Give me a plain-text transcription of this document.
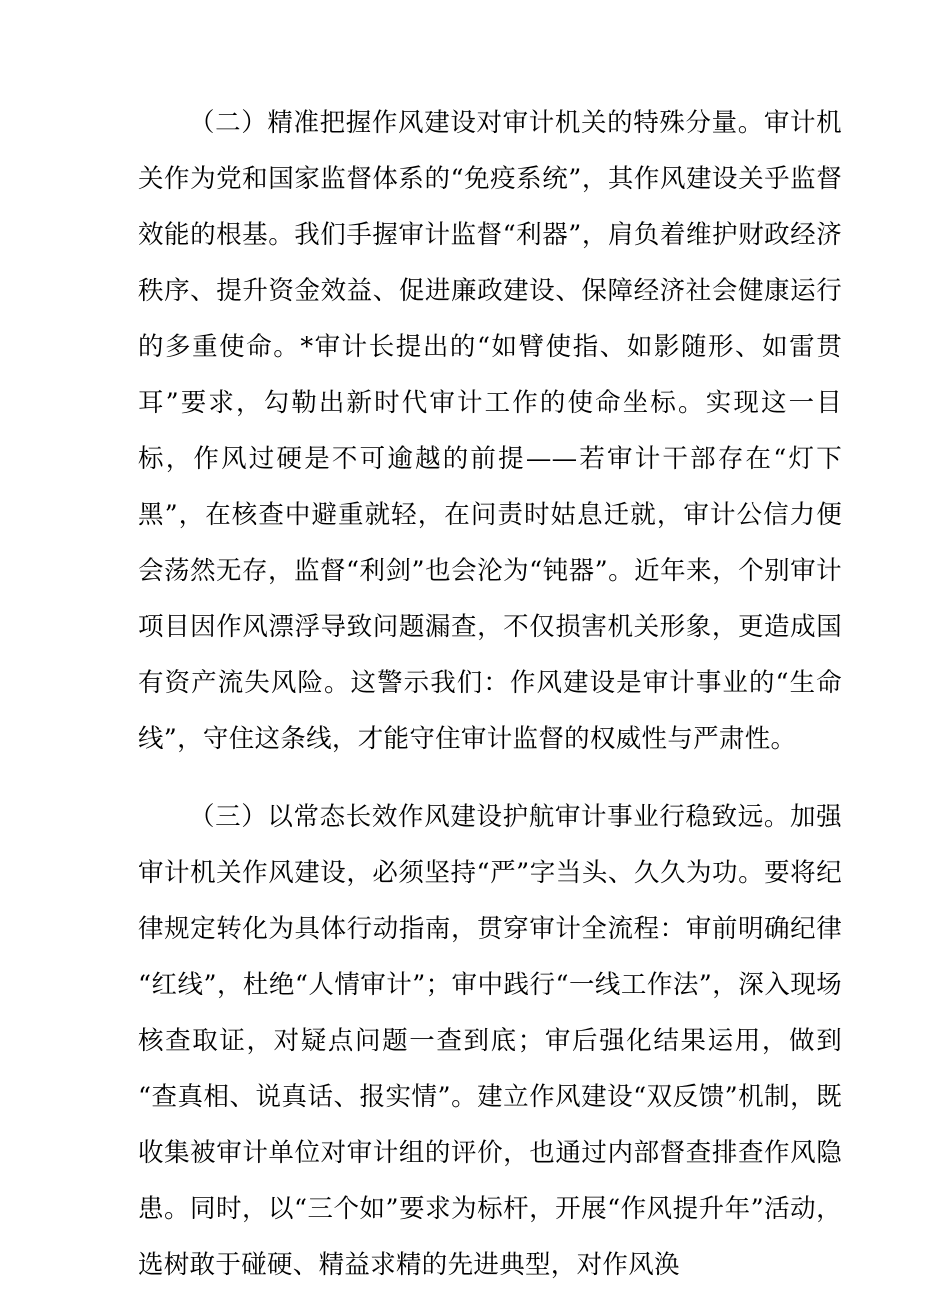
（二）精准把握作风建设对审计机关的特殊分量。审计机关作为党和国家监督体系的“免疫系统”，其作风建设关乎监督效能的根基。我们手握审计监督“利器”，肩负着维护财政经济秩序、提升资金效益、促进廉政建设、保障经济社会健康运行的多重使命。*审计长提出的“如臂使指、如影随形、如雷贯耳”要求，勾勒出新时代审计工作的使命坐标。实现这一目标，作风过硬是不可逾越的前提——若审计干部存在“灯下黑”，在核查中避重就轻，在问责时姑息迁就，审计公信力便会荡然无存，监督“利剑”也会沦为“钝器”。近年来，个别审计项目因作风漂浮导致问题漏查，不仅损害机关形象，更造成国有资产流失风险。这警示我们：作风建设是审计事业的“生命线”，守住这条线，才能守住审计监督的权威性与严肃性。

（三）以常态长效作风建设护航审计事业行稳致远。加强审计机关作风建设，必须坚持“严”字当头、久久为功。要将纪律规定转化为具体行动指南，贯穿审计全流程：审前明确纪律“红线”，杜绝“人情审计”；审中践行“一线工作法”，深入现场核查取证，对疑点问题一查到底；审后强化结果运用，做到“查真相、说真话、报实情”。建立作风建设“双反馈”机制，既收集被审计单位对审计组的评价，也通过内部督查排查作风隐患。同时，以“三个如”要求为标杆，开展“作风提升年”活动，选树敢于碰硬、精益求精的先进典型，对作风涣
